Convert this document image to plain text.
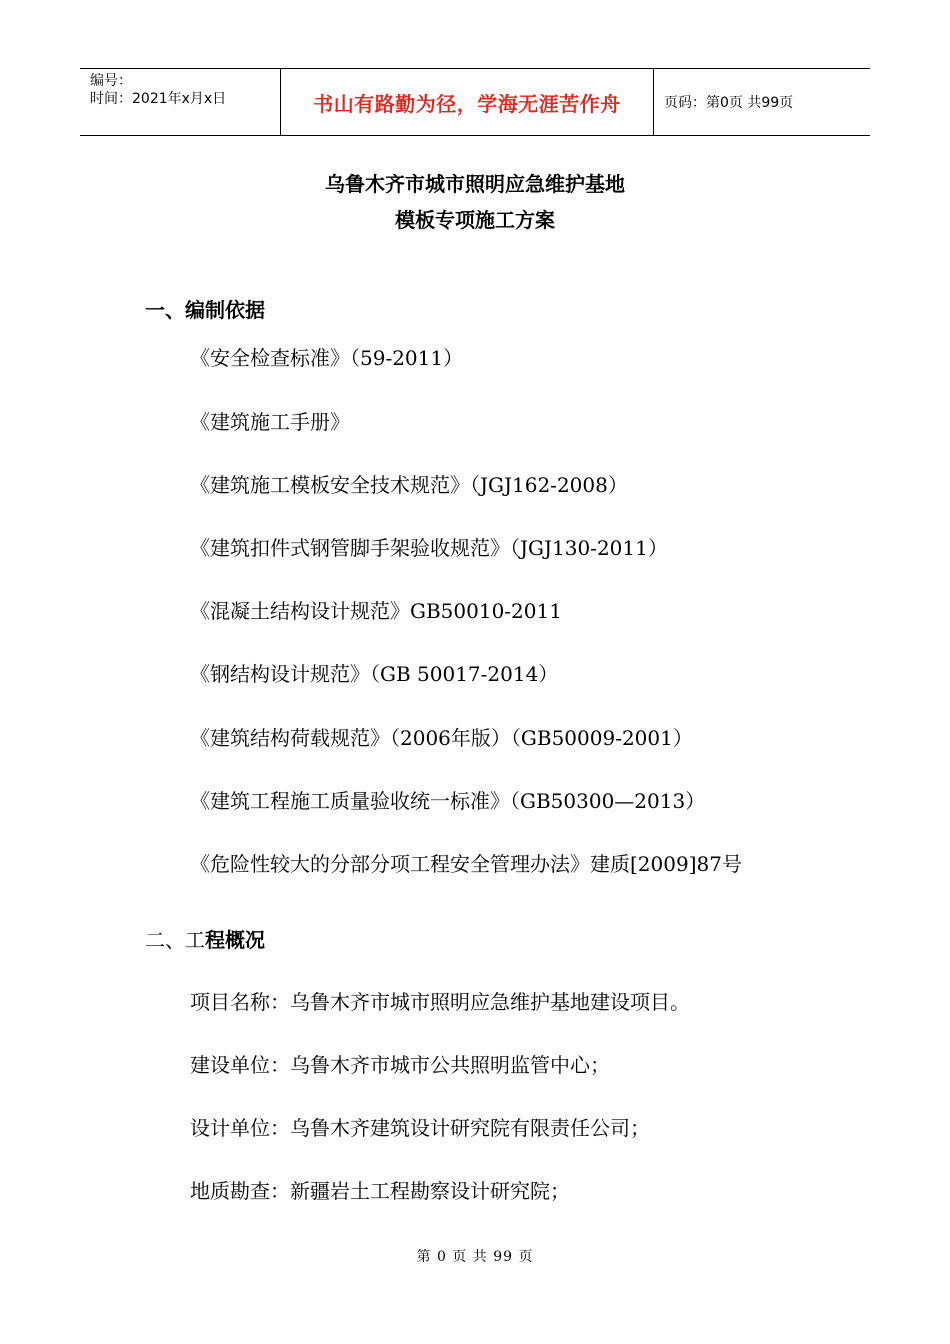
编号：
时间：2021年x月x日	书山有路勤为径，学海无涯苦作舟	页码：第0页 共99页
乌鲁木齐市城市照明应急维护基地
模板专项施工方案
一、编制依据
《安全检查标准》（59-2011）
《建筑施工手册》
《建筑施工模板安全技术规范》（JGJ162-2008）
《建筑扣件式钢管脚手架验收规范》（JGJ130-2011）
《混凝土结构设计规范》GB50010-2011
《钢结构设计规范》（GB 50017-2014）
《建筑结构荷载规范》（2006年版）（GB50009-2001）
《建筑工程施工质量验收统一标准》（GB50300—2013）
《危险性较大的分部分项工程安全管理办法》建质[2009]87号
二、工程概况
项目名称：乌鲁木齐市城市照明应急维护基地建设项目。
建设单位：乌鲁木齐市城市公共照明监管中心；
设计单位：乌鲁木齐建筑设计研究院有限责任公司；
地质勘查：新疆岩土工程勘察设计研究院；
第 0 页 共 99 页
